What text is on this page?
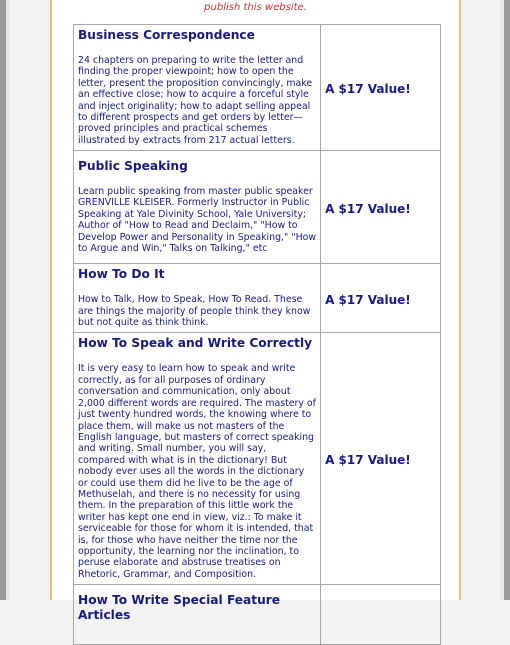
publish this website.
Business Correspondence

24 chapters on preparing to write the letter and finding the proper viewpoint; how to open the letter, present the proposition convincingly, make an effective close; how to acquire a forceful style and inject originality; how to adapt selling appeal to different prospects and get orders by letter—proved principles and practical schemes illustrated by extracts from 217 actual letters.	A $17 Value!

Public Speaking

Learn public speaking from master public speaker GRENVILLE KLEISER. Formerly Instructor in Public Speaking at Yale Divinity School, Yale University; Author of "How to Read and Declaim," "How to Develop Power and Personality in Speaking," "How to Argue and Win," Talks on Talking," etc	A $17 Value!

How To Do It

How to Talk, How to Speak, How To Read. These are things the majority of people think they know but not quite as think think.	A $17 Value!

How To Speak and Write Correctly

It is very easy to learn how to speak and write correctly, as for all purposes of ordinary conversation and communication, only about 2,000 different words are required. The mastery of just twenty hundred words, the knowing where to place them, will make us not masters of the English language, but masters of correct speaking and writing. Small number, you will say, compared with what is in the dictionary! But nobody ever uses all the words in the dictionary or could use them did he live to be the age of Methuselah, and there is no necessity for using them. In the preparation of this little work the writer has kept one end in view, viz.: To make it serviceable for those for whom it is intended, that is, for those who have neither the time nor the opportunity, the learning nor the inclination, to peruse elaborate and abstruse treatises on Rhetoric, Grammar, and Composition.	A $17 Value!

How To Write Special Feature Articles	
